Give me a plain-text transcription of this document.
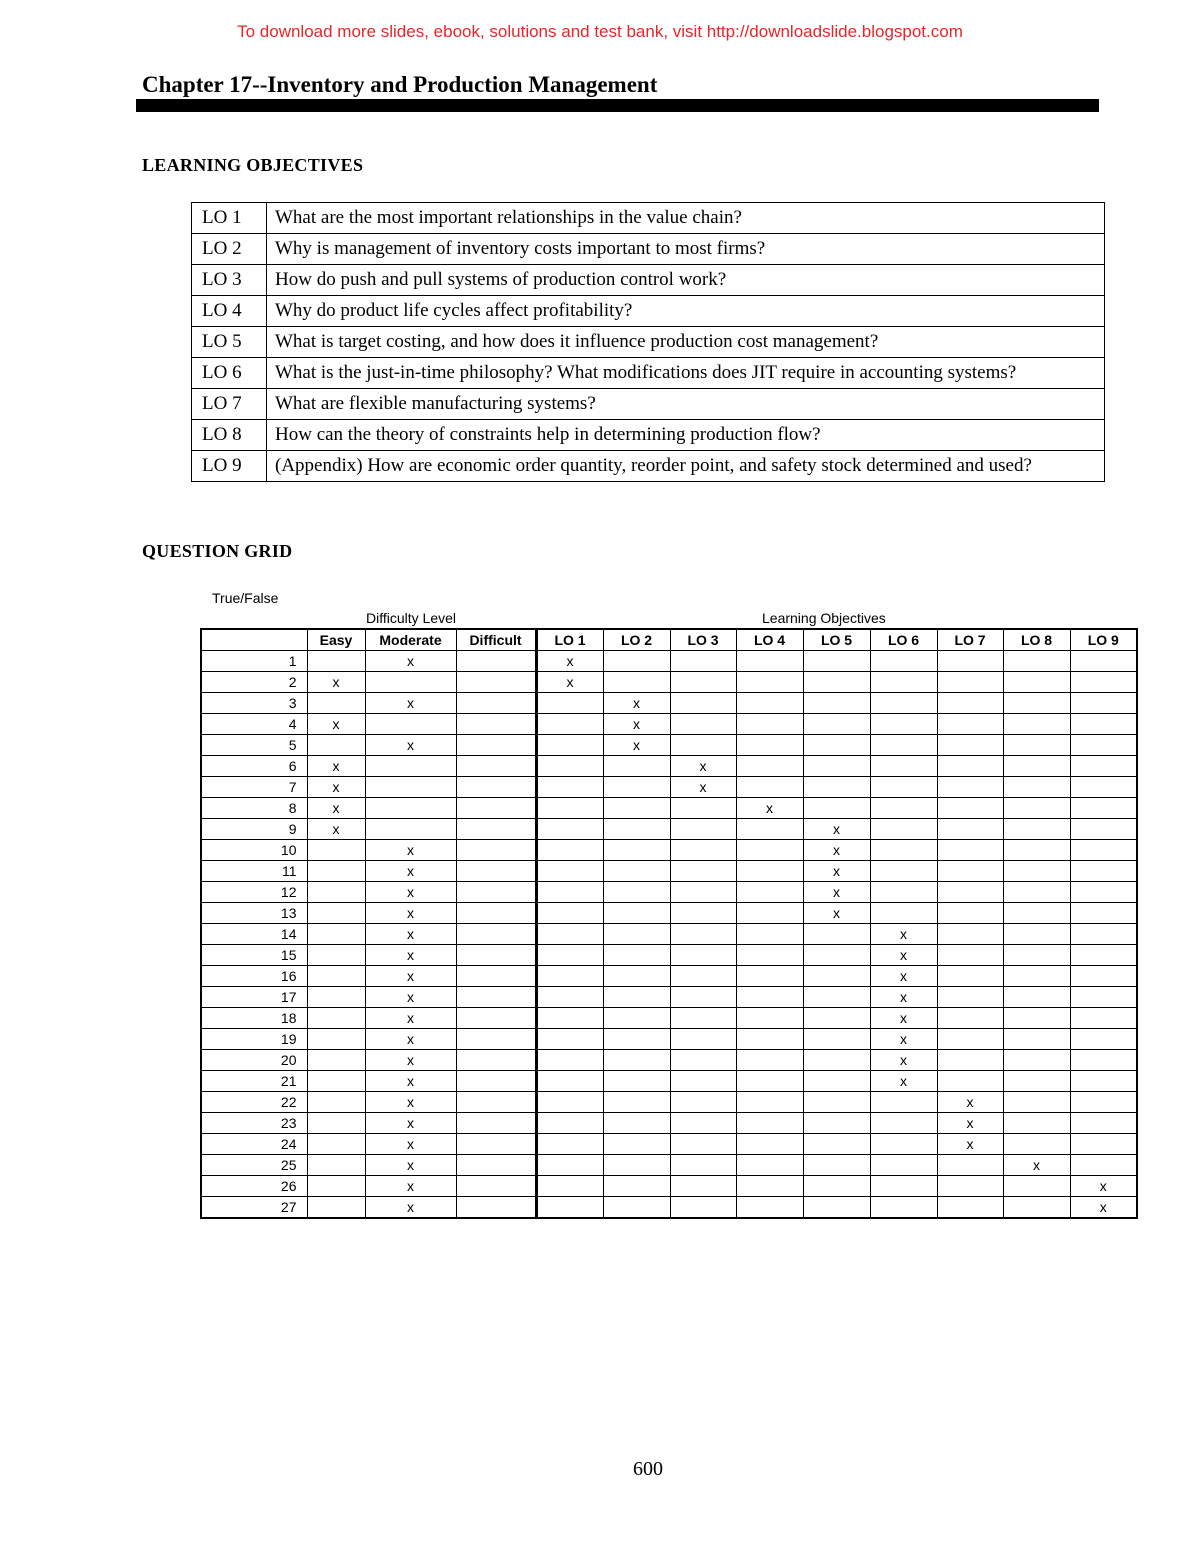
To download more slides, ebook, solutions and test bank, visit http://downloadslide.blogspot.com
Chapter 17--Inventory and Production Management
LEARNING OBJECTIVES
LO 1	What are the most important relationships in the value chain?
LO 2	Why is management of inventory costs important to most firms?
LO 3	How do push and pull systems of production control work?
LO 4	Why do product life cycles affect profitability?
LO 5	What is target costing, and how does it influence production cost management?
LO 6	What is the just-in-time philosophy? What modifications does JIT require in accounting systems?
LO 7	What are flexible manufacturing systems?
LO 8	How can the theory of constraints help in determining production flow?
LO 9	(Appendix) How are economic order quantity, reorder point, and safety stock determined and used?
QUESTION GRID
True/False
Difficulty Level	Learning Objectives
	Easy	Moderate	Difficult	LO 1	LO 2	LO 3	LO 4	LO 5	LO 6	LO 7	LO 8	LO 9
1		x		x								
2	x			x								
3		x			x							
4	x				x							
5		x			x							
6	x					x						
7	x					x						
8	x						x					
9	x							x				
10		x						x				
11		x						x				
12		x						x				
13		x						x				
14		x							x			
15		x							x			
16		x							x			
17		x							x			
18		x							x			
19		x							x			
20		x							x			
21		x							x			
22		x								x		
23		x								x		
24		x								x		
25		x									x	
26		x										x
27		x										x
600
